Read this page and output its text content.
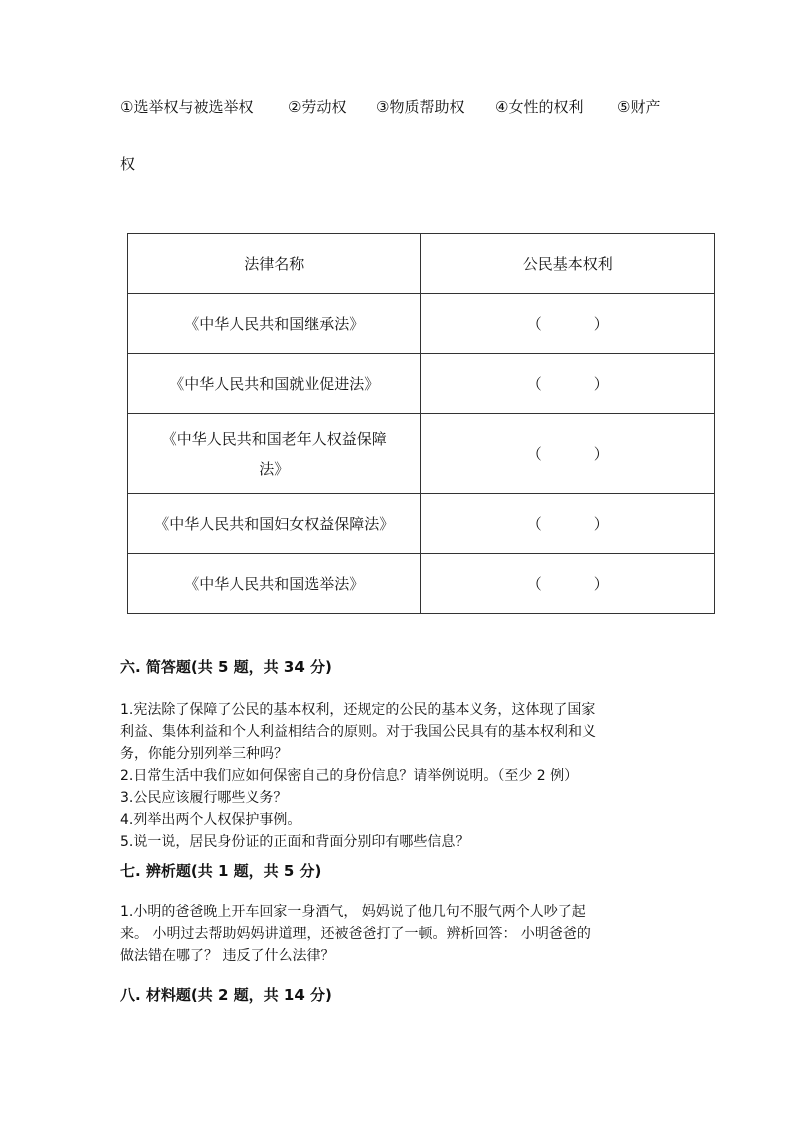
①选举权与被选举权 ②劳动权 ③物质帮助权 ④女性的权利 ⑤财产
权
法律名称	公民基本权利
《中华人民共和国继承法》	（ ）
《中华人民共和国就业促进法》	（ ）

《中华人民共和国老年人权益保障
法》	（ ）
《中华人民共和国妇女权益保障法》	（ ）
《中华人民共和国选举法》	（ ）
六. 简答题(共 5 题，共 34 分)
1.宪法除了保障了公民的基本权利，还规定的公民的基本义务，这体现了国家
利益、集体利益和个人利益相结合的原则。对于我国公民具有的基本权利和义
务，你能分别列举三种吗？
2.日常生活中我们应如何保密自己的身份信息？请举例说明。（至少 2 例）
3.公民应该履行哪些义务？
4.列举出两个人权保护事例。
5.说一说，居民身份证的正面和背面分别印有哪些信息？
七. 辨析题(共 1 题，共 5 分)
1.小明的爸爸晚上开车回家一身酒气， 妈妈说了他几句不服气两个人吵了起
来。 小明过去帮助妈妈讲道理，还被爸爸打了一顿。辨析回答： 小明爸爸的
做法错在哪了？ 违反了什么法律？
八. 材料题(共 2 题，共 14 分)
